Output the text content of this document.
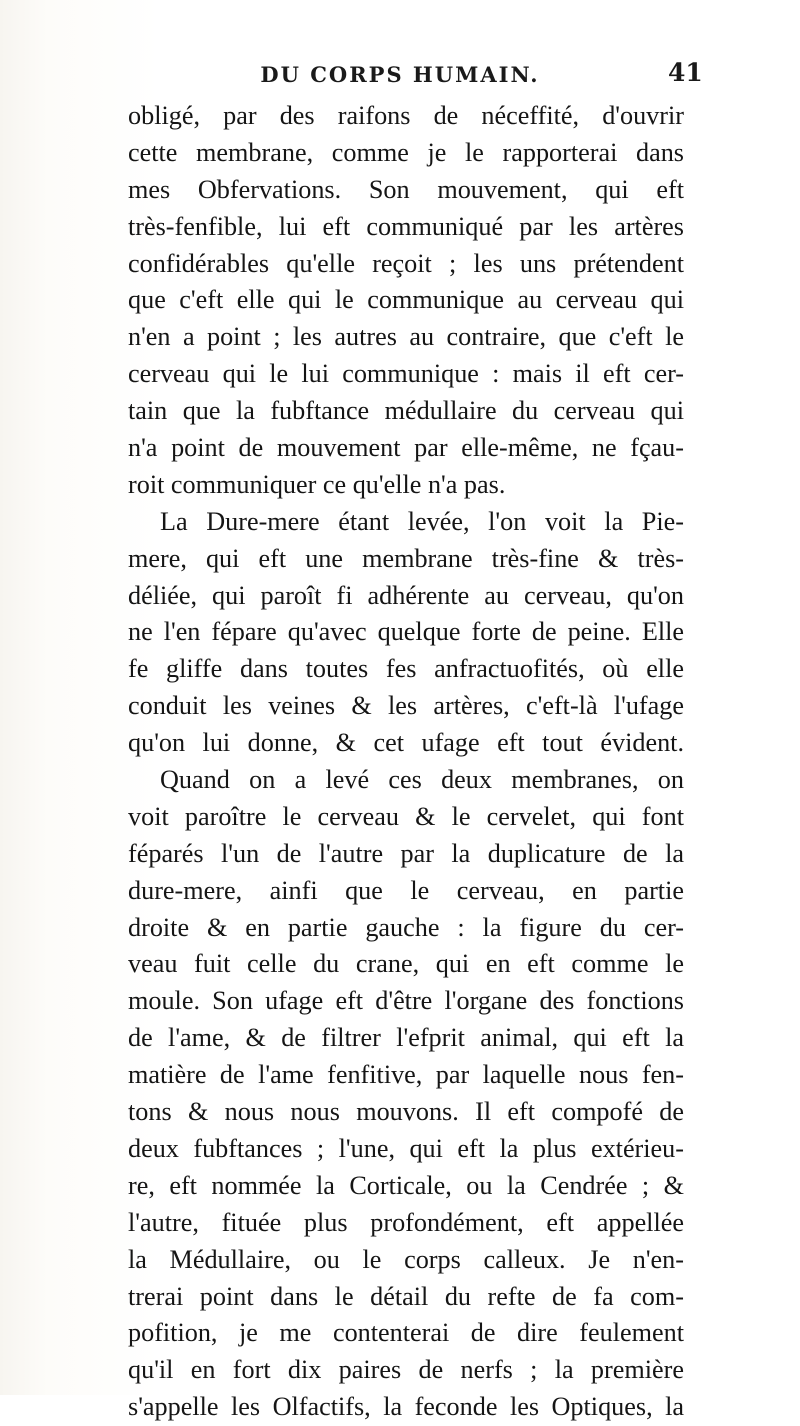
DU CORPS HUMAIN.	41
obligé, par des raifons de néceffité, d'ouvrir
cette membrane, comme je le rapporterai dans
mes Obfervations. Son mouvement, qui eft
très-fenfible, lui eft communiqué par les artères
confidérables qu'elle reçoit ; les uns prétendent
que c'eft elle qui le communique au cerveau qui
n'en a point ; les autres au contraire, que c'eft le
cerveau qui le lui communique : mais il eft cer-
tain que la fubftance médullaire du cerveau qui
n'a point de mouvement par elle-même, ne fçau-
roit communiquer ce qu'elle n'a pas.
La Dure-mere étant levée, l'on voit la Pie-
mere, qui eft une membrane très-fine & très-
déliée, qui paroît fi adhérente au cerveau, qu'on
ne l'en fépare qu'avec quelque forte de peine. Elle
fe gliffe dans toutes fes anfractuofités, où elle
conduit les veines & les artères, c'eft-là l'ufage
qu'on lui donne, & cet ufage eft tout évident.
Quand on a levé ces deux membranes, on
voit paroître le cerveau & le cervelet, qui font
féparés l'un de l'autre par la duplicature de la
dure-mere, ainfi que le cerveau, en partie
droite & en partie gauche : la figure du cer-
veau fuit celle du crane, qui en eft comme le
moule. Son ufage eft d'être l'organe des fonctions
de l'ame, & de filtrer l'efprit animal, qui eft la
matière de l'ame fenfitive, par laquelle nous fen-
tons & nous nous mouvons. Il eft compofé de
deux fubftances ; l'une, qui eft la plus extérieu-
re, eft nommée la Corticale, ou la Cendrée ; &
l'autre, fituée plus profondément, eft appellée
la Médullaire, ou le corps calleux. Je n'en-
trerai point dans le détail du refte de fa com-
pofition, je me contenterai de dire feulement
qu'il en fort dix paires de nerfs ; la première
s'appelle les Olfactifs, la feconde les Optiques, la
